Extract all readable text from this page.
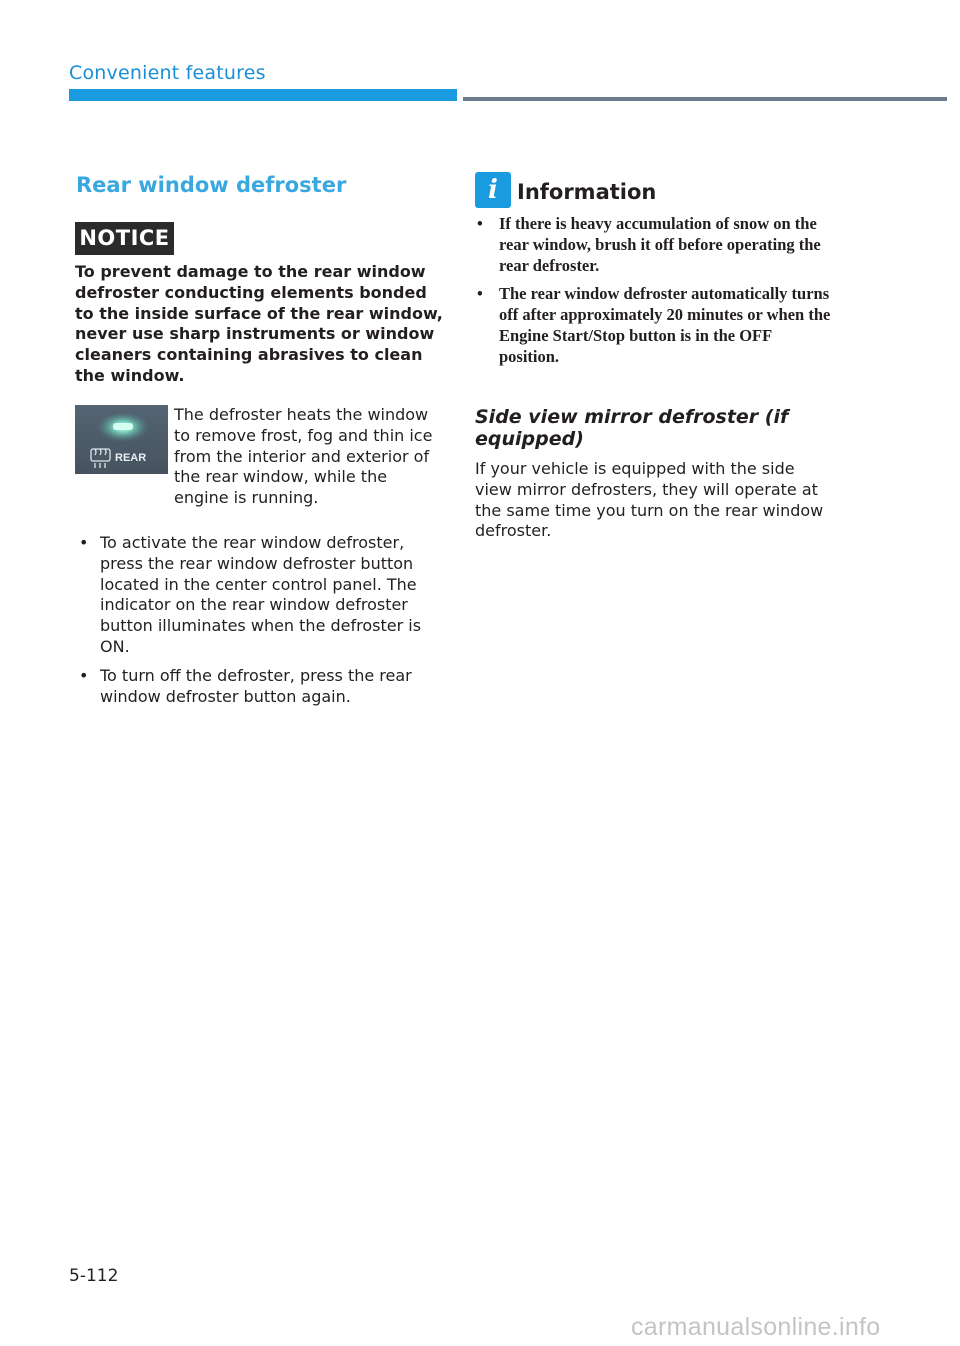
Convenient features
Rear window defroster
NOTICE
To prevent damage to the rear window defroster conducting elements bonded to the inside surface of the rear window, never use sharp instruments or window cleaners containing abrasives to clean the window.
REAR
The defroster heats the window to remove frost, fog and thin ice from the interior and exterior of the rear window, while the engine is running.
• To activate the rear window defroster, press the rear window defroster button located in the center control panel. The indicator on the rear window defroster button illuminates when the defroster is ON.
• To turn off the defroster, press the rear window defroster button again.
i Information
• If there is heavy accumulation of snow on the rear window, brush it off before operating the rear defroster.
• The rear window defroster automatically turns off after approximately 20 minutes or when the Engine Start/Stop button is in the OFF position.
Side view mirror defroster (if equipped)
If your vehicle is equipped with the side view mirror defrosters, they will operate at the same time you turn on the rear window defroster.
5-112
carmanualsonline.info
